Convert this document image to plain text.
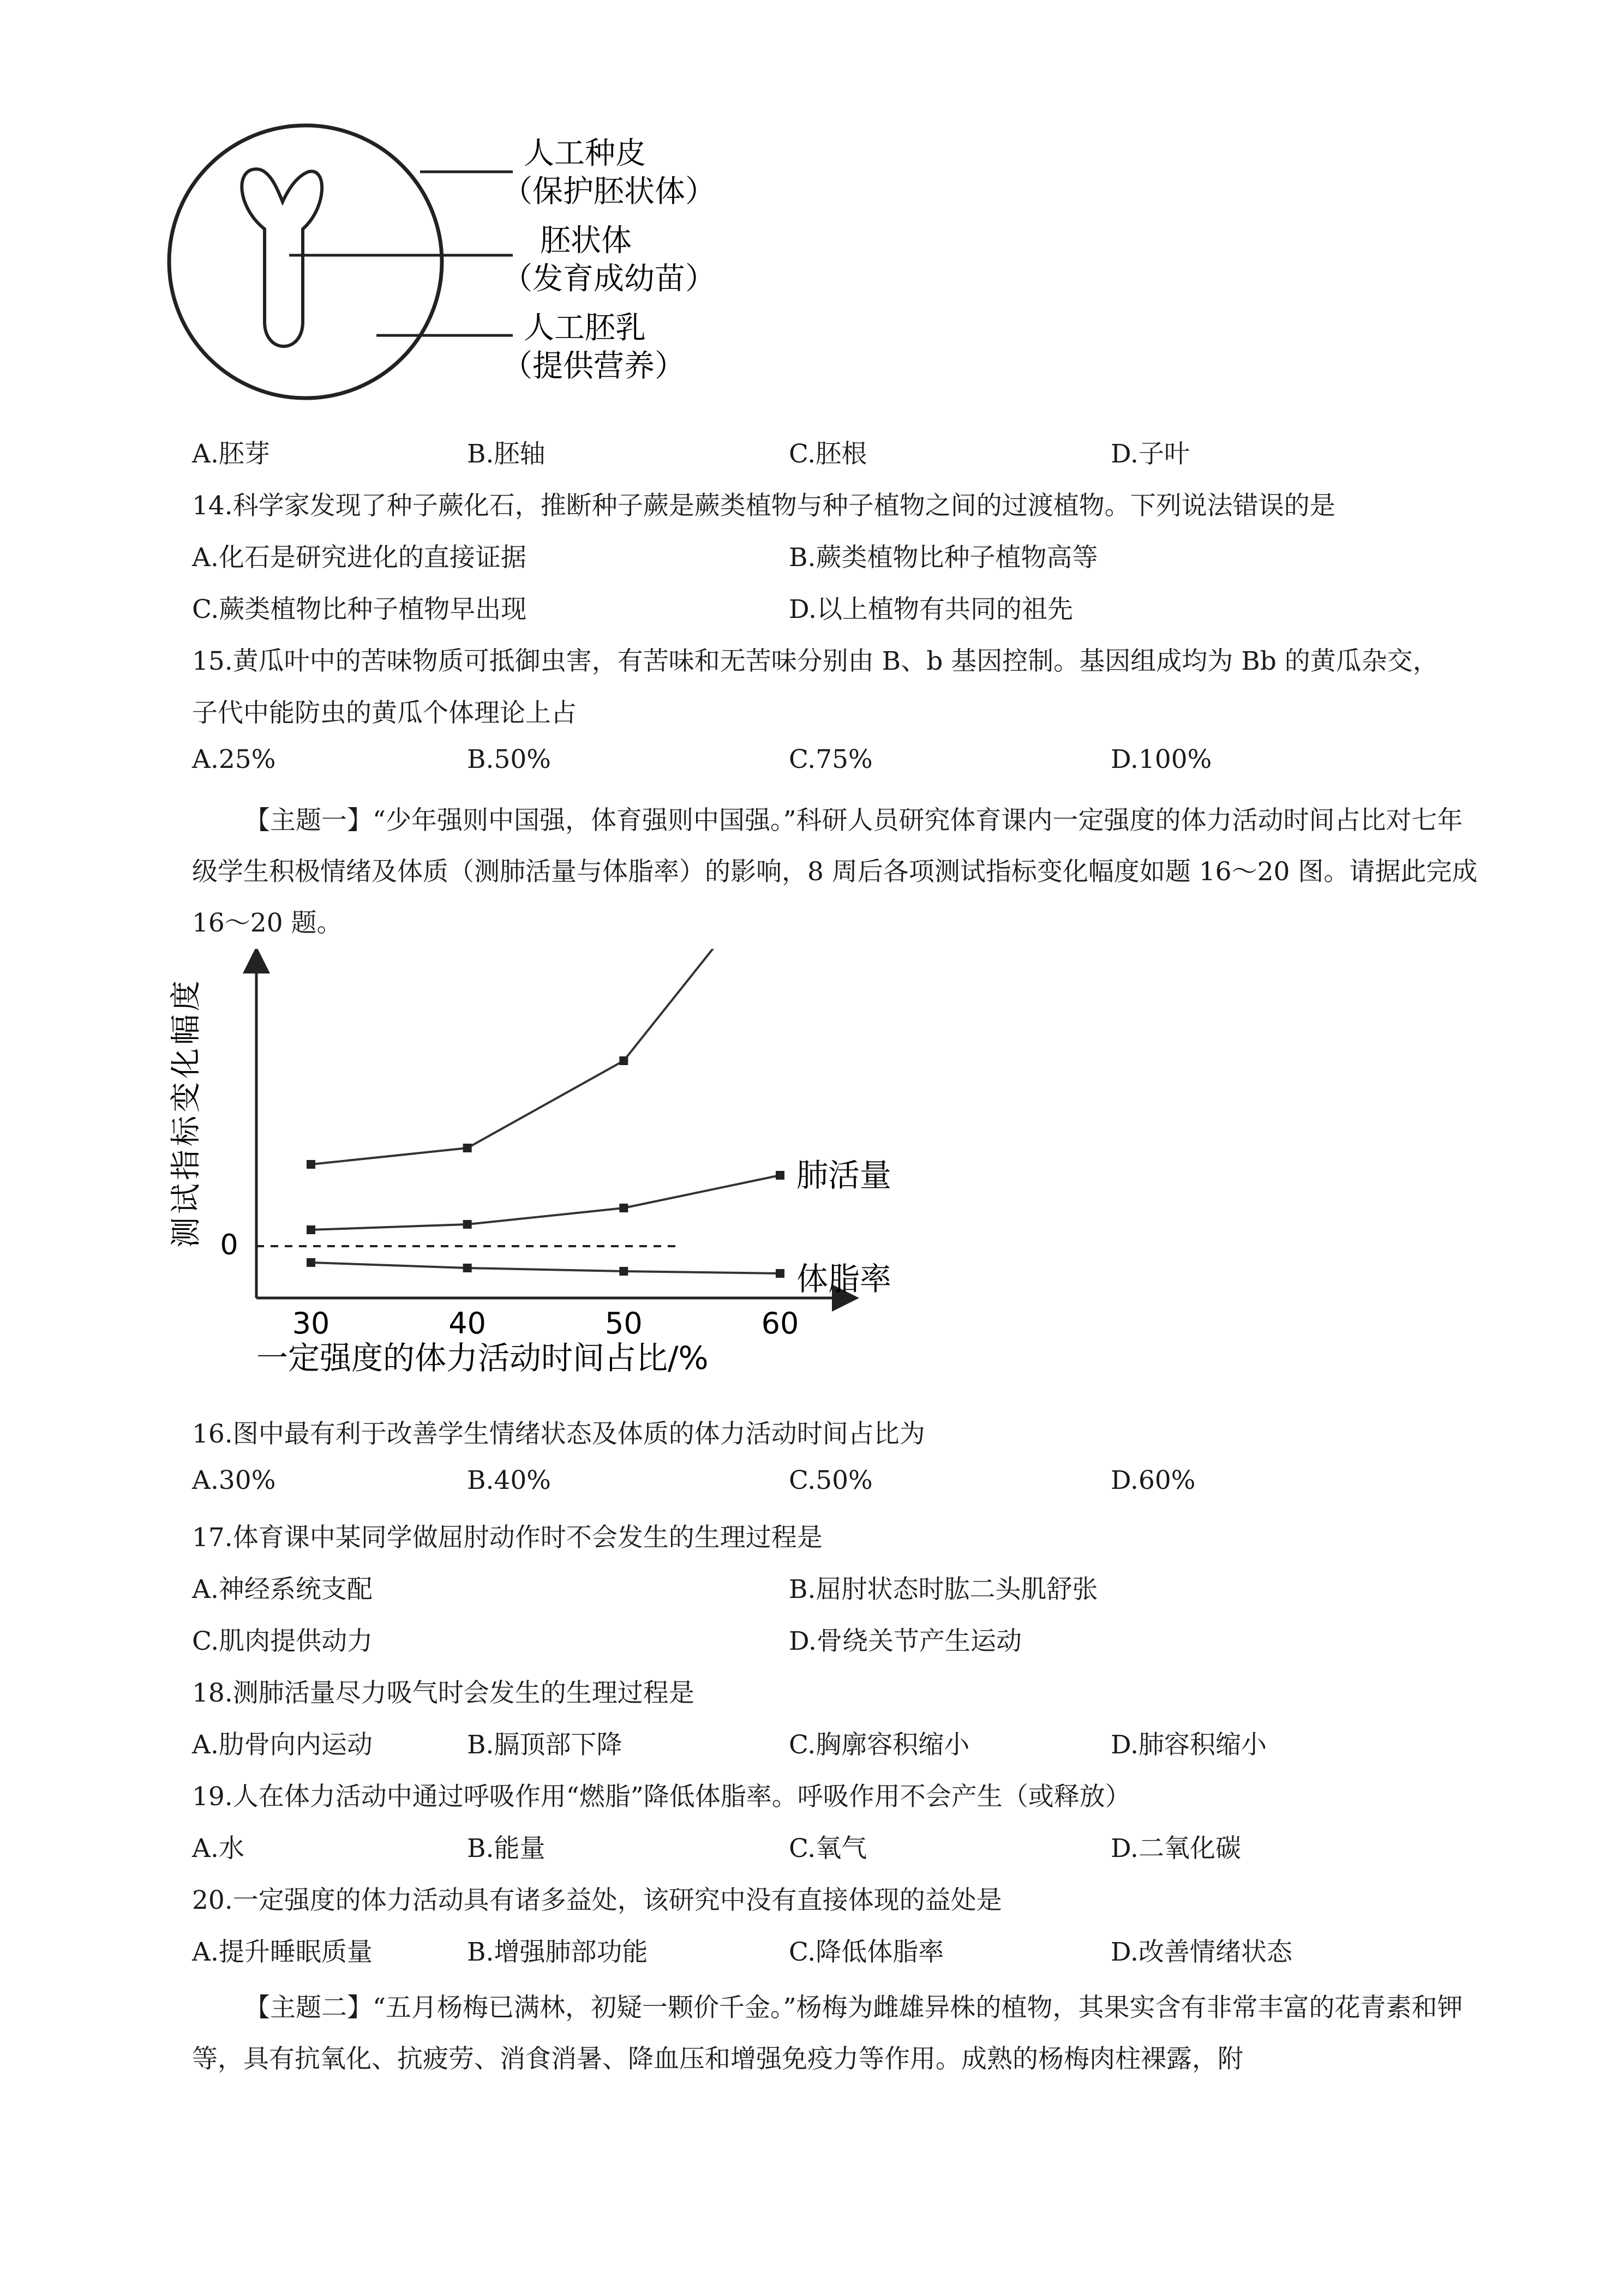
人工种皮
（保护胚状体）
胚状体
（发育成幼苗）
人工胚乳
（提供营养）
A.胚芽	B.胚轴	C.胚根	D.子叶
14.科学家发现了种子蕨化石，推断种子蕨是蕨类植物与种子植物之间的过渡植物。下列说法错误的是
A.化石是研究进化的直接证据	B.蕨类植物比种子植物高等
C.蕨类植物比种子植物早出现	D.以上植物有共同的祖先
15.黄瓜叶中的苦味物质可抵御虫害，有苦味和无苦味分别由 B、b 基因控制。基因组成均为 Bb 的黄瓜杂交，
子代中能防虫的黄瓜个体理论上占
A.25%	B.50%	C.75%	D.100%
【主题一】“少年强则中国强，体育强则中国强。”科研人员研究体育课内一定强度的体力活动时间占比对七年级学生积极情绪及体质（测肺活量与体脂率）的影响，8 周后各项测试指标变化幅度如题 16～20 图。请据此完成 16～20 题。
0
测
试
指
标
变
化
幅
度
30	40	50	60
一定强度的体力活动时间占比/%
肺活量
体脂率
16.图中最有利于改善学生情绪状态及体质的体力活动时间占比为
A.30%	B.40%	C.50%	D.60%
17.体育课中某同学做屈肘动作时不会发生的生理过程是
A.神经系统支配	B.屈肘状态时肱二头肌舒张
C.肌肉提供动力	D.骨绕关节产生运动
18.测肺活量尽力吸气时会发生的生理过程是
A.肋骨向内运动	B.膈顶部下降	C.胸廓容积缩小	D.肺容积缩小
19.人在体力活动中通过呼吸作用“燃脂”降低体脂率。呼吸作用不会产生（或释放）
A.水	B.能量	C.氧气	D.二氧化碳
20.一定强度的体力活动具有诸多益处，该研究中没有直接体现的益处是
A.提升睡眠质量	B.增强肺部功能	C.降低体脂率	D.改善情绪状态
【主题二】“五月杨梅已满林，初疑一颗价千金。”杨梅为雌雄异株的植物，其果实含有非常丰富的花青素和钾等，具有抗氧化、抗疲劳、消食消暑、降血压和增强免疫力等作用。成熟的杨梅肉柱裸露，附
